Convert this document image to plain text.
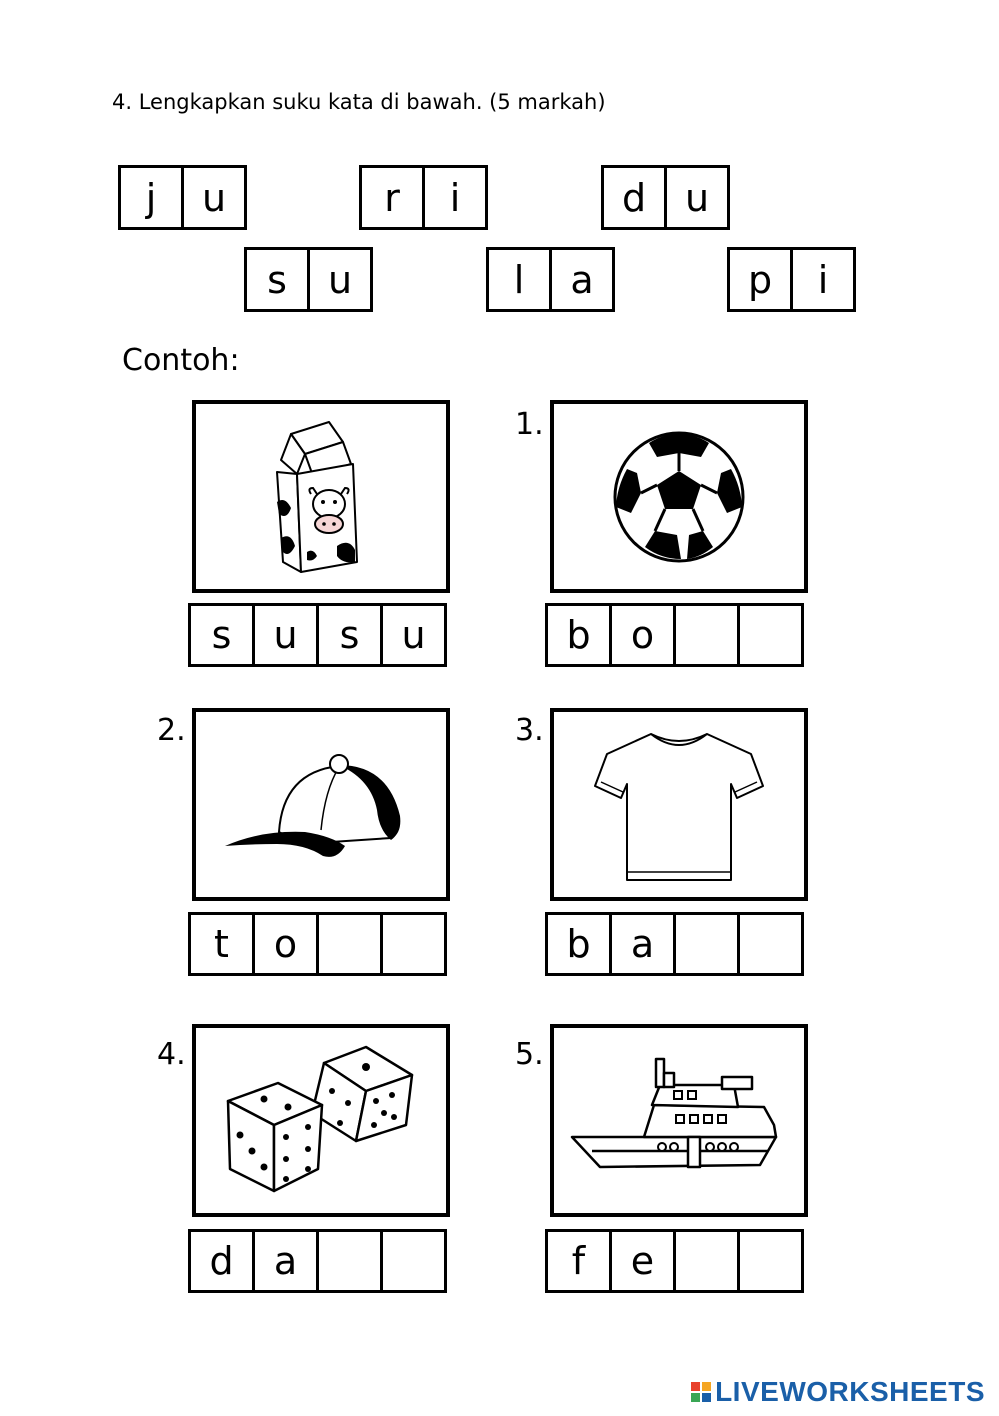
4. Lengkapkan suku kata di bawah. (5 markah)
j	u	r	i	d	u
s	u	l	a	p	i
Contoh:
s	u	s	u
1.
b	o
2.
t	o
3.
b	a
4.
d	a
5.
f	e
LIVEWORKSHEETS
